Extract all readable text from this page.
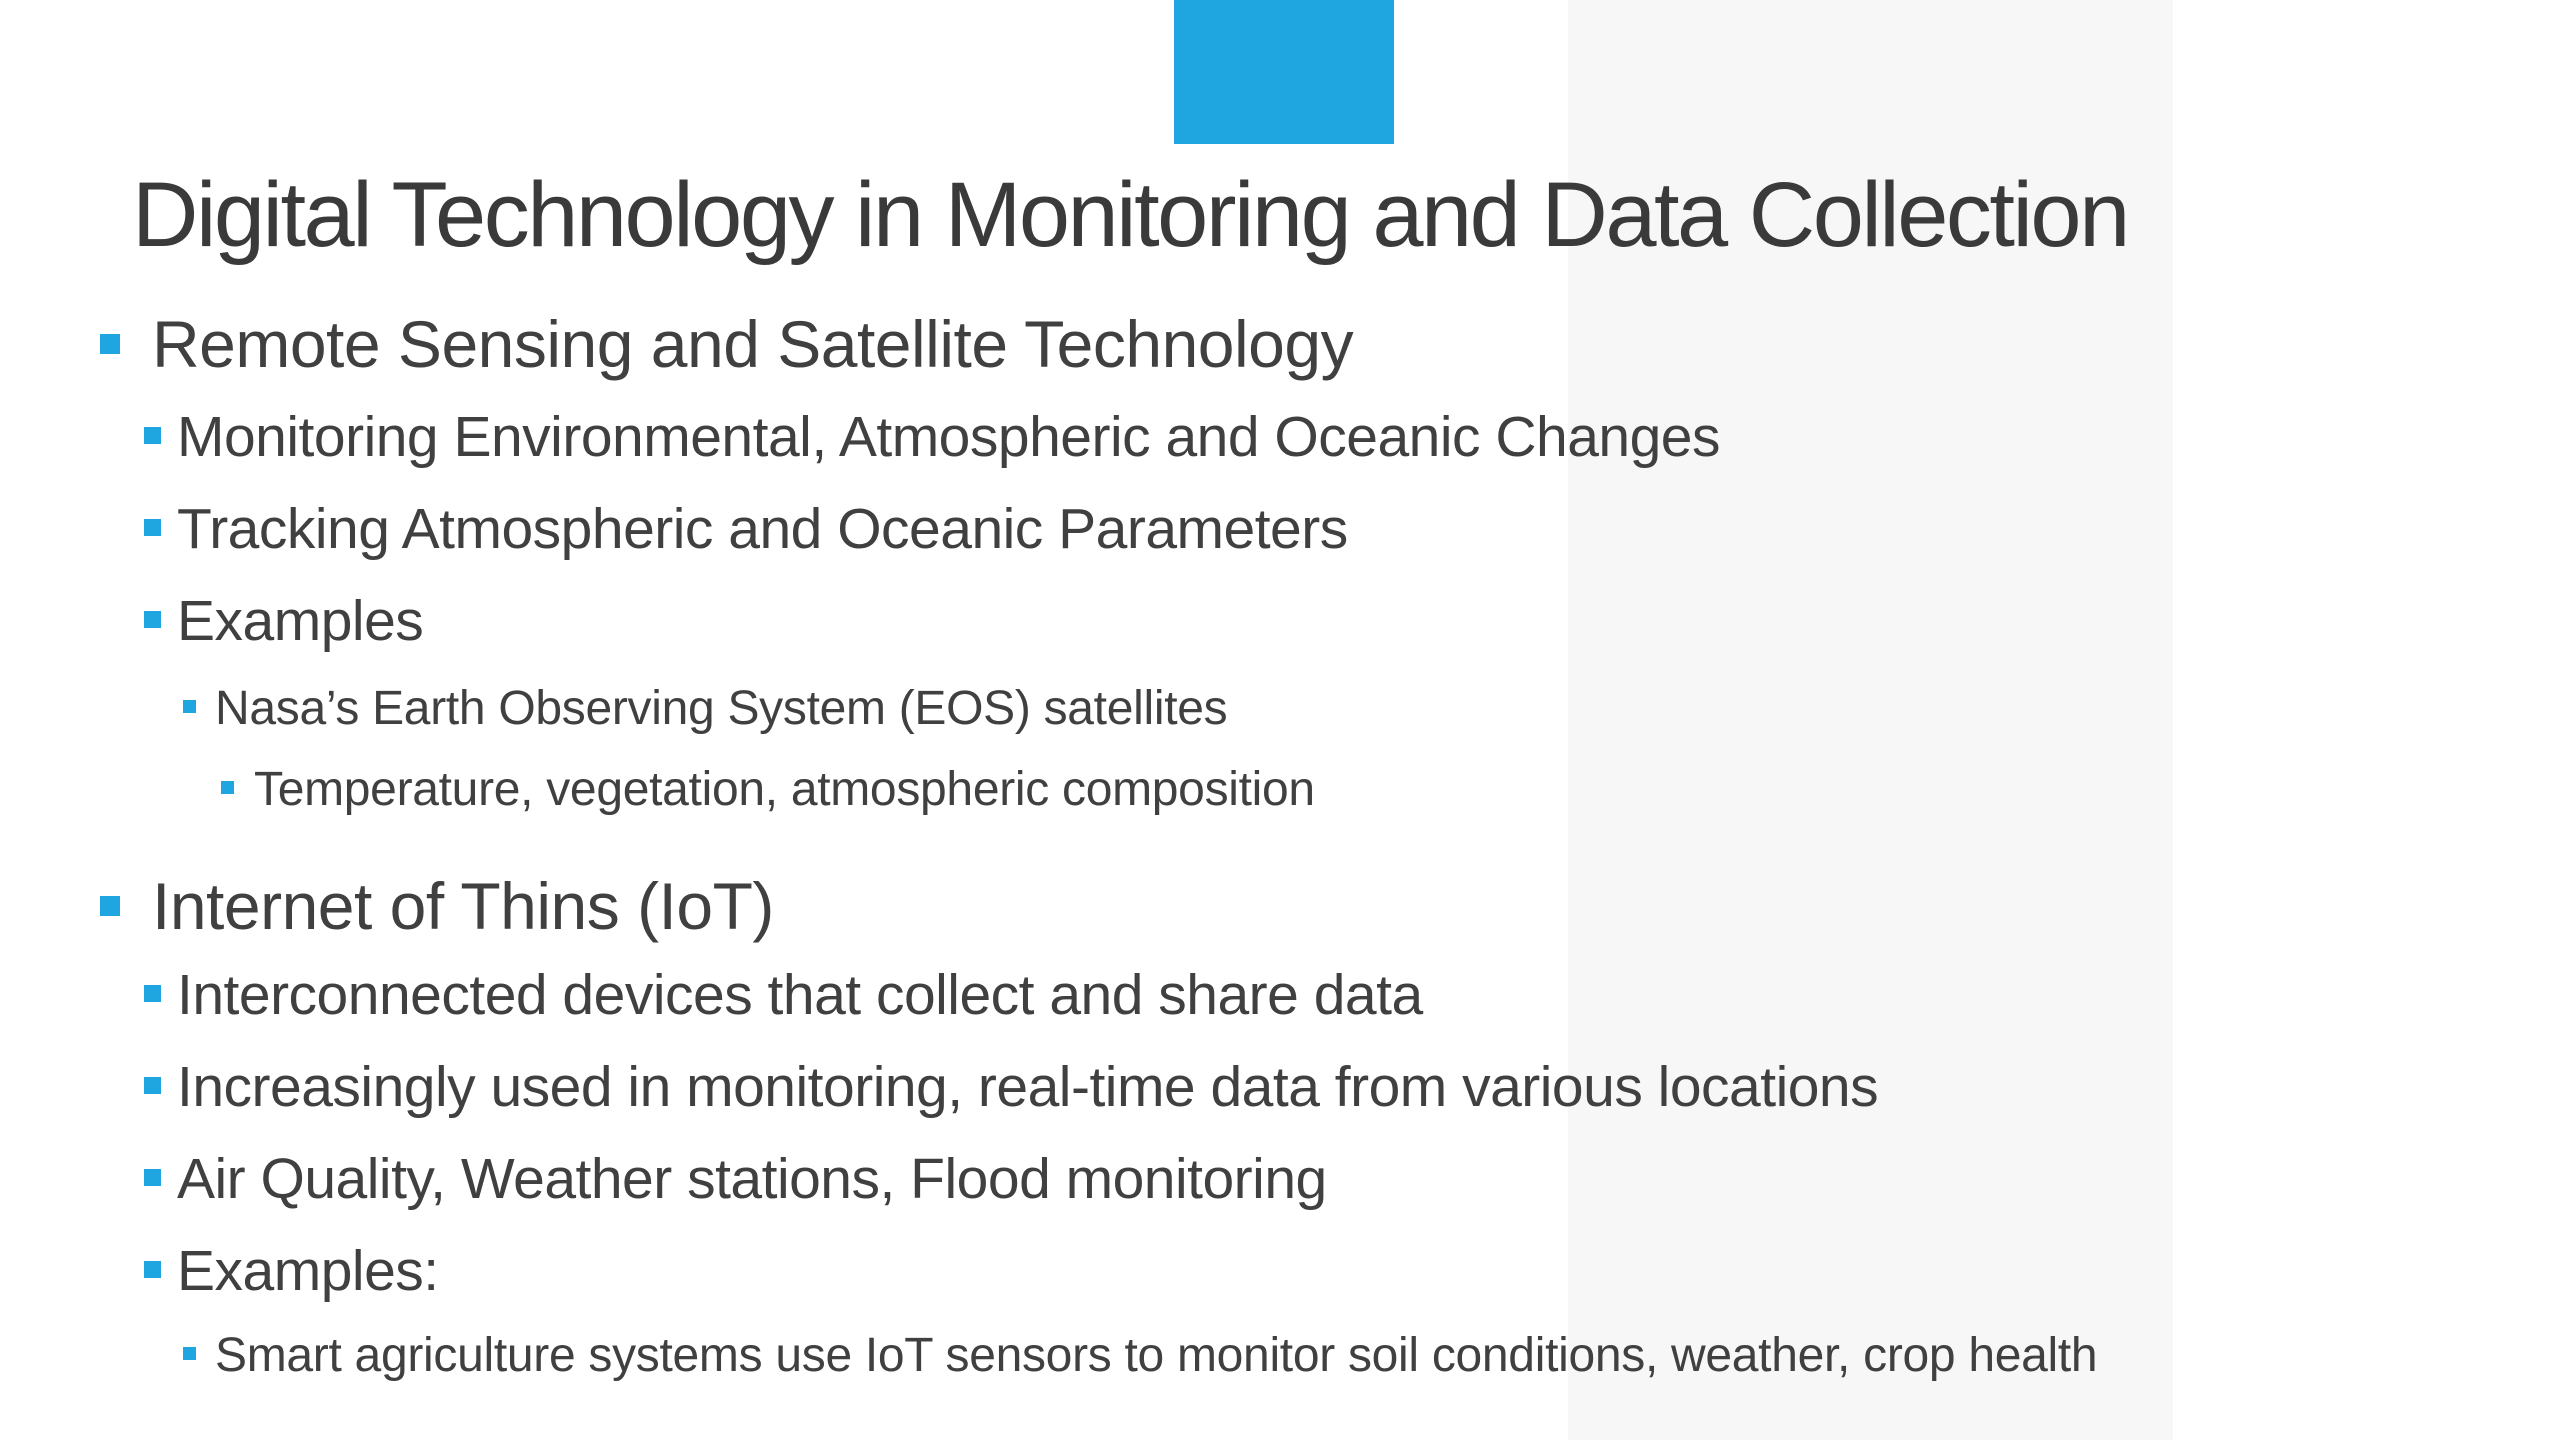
Digital Technology in Monitoring and Data Collection
Remote Sensing and Satellite Technology
Monitoring Environmental, Atmospheric and Oceanic Changes
Tracking Atmospheric and Oceanic Parameters
Examples
Nasa’s Earth Observing System (EOS) satellites
Temperature, vegetation, atmospheric composition
Internet of Thins (IoT)
Interconnected devices that collect and share data
Increasingly used in monitoring, real-time data from various locations
Air Quality, Weather stations, Flood monitoring
Examples:
Smart agriculture systems use IoT sensors to monitor soil conditions, weather, crop health
